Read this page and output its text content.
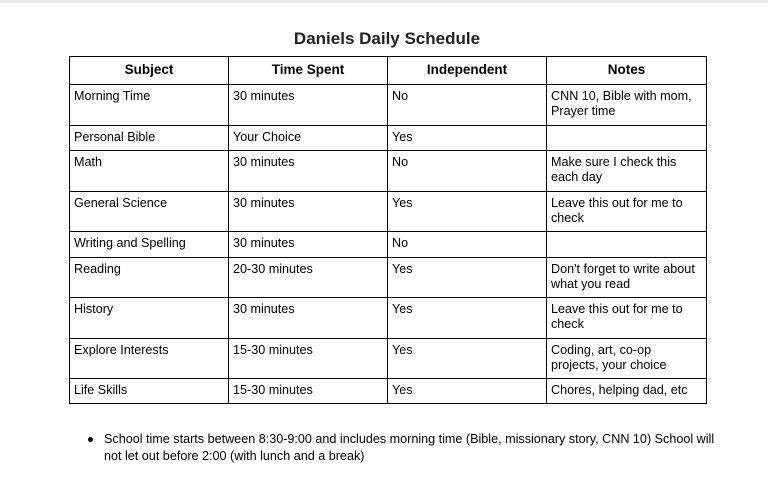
Daniels Daily Schedule
Subject	Time Spent	Independent	Notes
Morning Time	30 minutes	No	CNN 10, Bible with mom, Prayer time
Personal Bible	Your Choice	Yes	
Math	30 minutes	No	Make sure I check this each day
General Science	30 minutes	Yes	Leave this out for me to check
Writing and Spelling	30 minutes	No	
Reading	20-30 minutes	Yes	Don't forget to write about what you read
History	30 minutes	Yes	Leave this out for me to check
Explore Interests	15-30 minutes	Yes	Coding, art, co-op projects, your choice
Life Skills	15-30 minutes	Yes	Chores, helping dad, etc
School time starts between 8:30-9:00 and includes morning time (Bible, missionary story, CNN 10) School will not let out before 2:00 (with lunch and a break)
